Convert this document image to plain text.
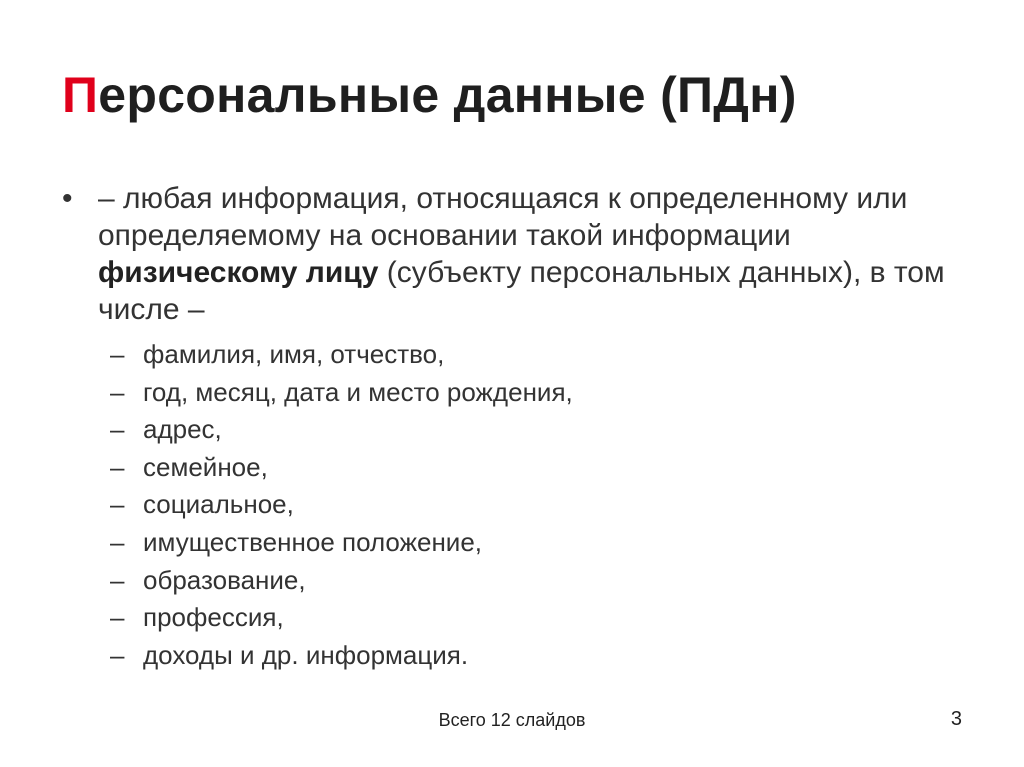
Персональные данные (ПДн)
• – любая информация, относящаяся к определенному или определяемому на основании такой информации физическому лицу (субъекту персональных данных), в том числе –
– фамилия, имя, отчество,
– год, месяц, дата и место рождения,
– адрес,
– семейное,
– социальное,
– имущественное положение,
– образование,
– профессия,
– доходы и др. информация.
Всего 12 слайдов	3
